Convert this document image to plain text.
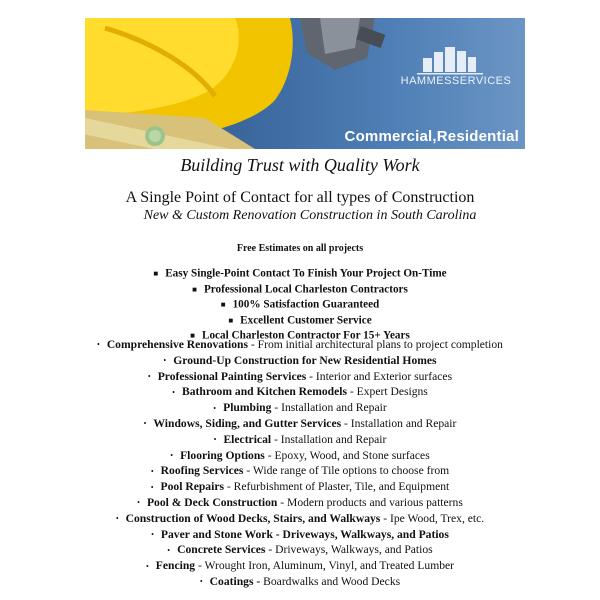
HAMMESSERVICES
Commercial,Residential
Building Trust with Quality Work
A Single Point of Contact for all types of Construction
New & Custom Renovation Construction in South Carolina
Free Estimates on all projects
■ Easy Single-Point Contact To Finish Your Project On-Time
■ Professional Local Charleston Contractors
■ 100% Satisfaction Guaranteed
■ Excellent Customer Service
■ Local Charleston Contractor For 15+ Years
• Comprehensive Renovations - From initial architectural plans to project completion
• Ground-Up Construction for New Residential Homes
• Professional Painting Services - Interior and Exterior surfaces
• Bathroom and Kitchen Remodels - Expert Designs
• Plumbing - Installation and Repair
• Windows, Siding, and Gutter Services - Installation and Repair
• Electrical - Installation and Repair
• Flooring Options - Epoxy, Wood, and Stone surfaces
• Roofing Services - Wide range of Tile options to choose from
• Pool Repairs - Refurbishment of Plaster, Tile, and Equipment
• Pool & Deck Construction - Modern products and various patterns
• Construction of Wood Decks, Stairs, and Walkways - Ipe Wood, Trex, etc.
• Paver and Stone Work - Driveways, Walkways, and Patios
• Concrete Services - Driveways, Walkways, and Patios
• Fencing - Wrought Iron, Aluminum, Vinyl, and Treated Lumber
• Coatings - Boardwalks and Wood Decks
